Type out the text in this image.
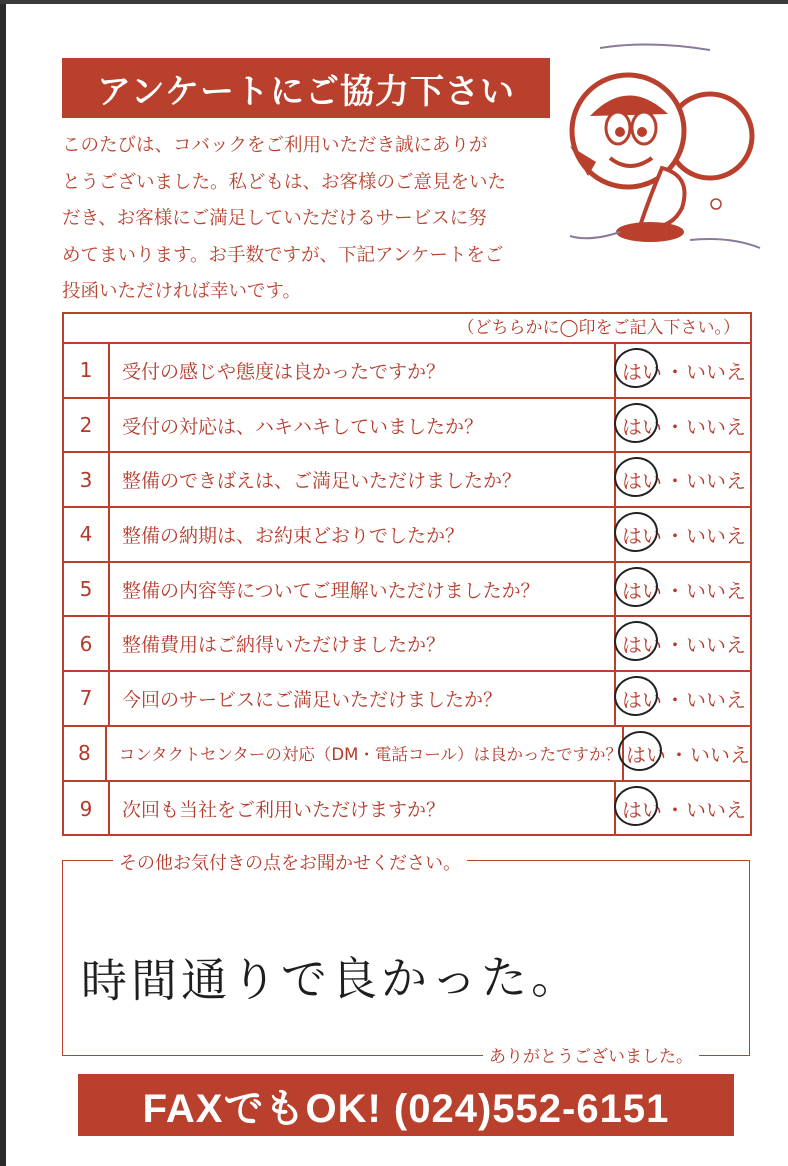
アンケートにご協力下さい
このたびは、コバックをご利用いただき誠にありが
とうございました。私どもは、お客様のご意見をいた
だき、お客様にご満足していただけるサービスに努
めてまいります。お手数ですが、下記アンケートをご
投函いただければ幸いです。
（どちらかに◯印をご記入下さい。）
1	受付の感じや態度は良かったですか？	はい ・ いいえ
2	受付の対応は、ハキハキしていましたか？	はい ・ いいえ
3	整備のできばえは、ご満足いただけましたか？	はい ・ いいえ
4	整備の納期は、お約束どおりでしたか？	はい ・ いいえ
5	整備の内容等についてご理解いただけましたか？	はい ・ いいえ
6	整備費用はご納得いただけましたか？	はい ・ いいえ
7	今回のサービスにご満足いただけましたか？	はい ・ いいえ
8	コンタクトセンターの対応（DM・電話コール）は良かったですか？ はい ・ いいえ
9	次回も当社をご利用いただけますか？	はい ・ いいえ
その他お気付きの点をお聞かせください。
時間通りで良かった。
ありがとうございました。
FAXでもOK! (024)552-6151
